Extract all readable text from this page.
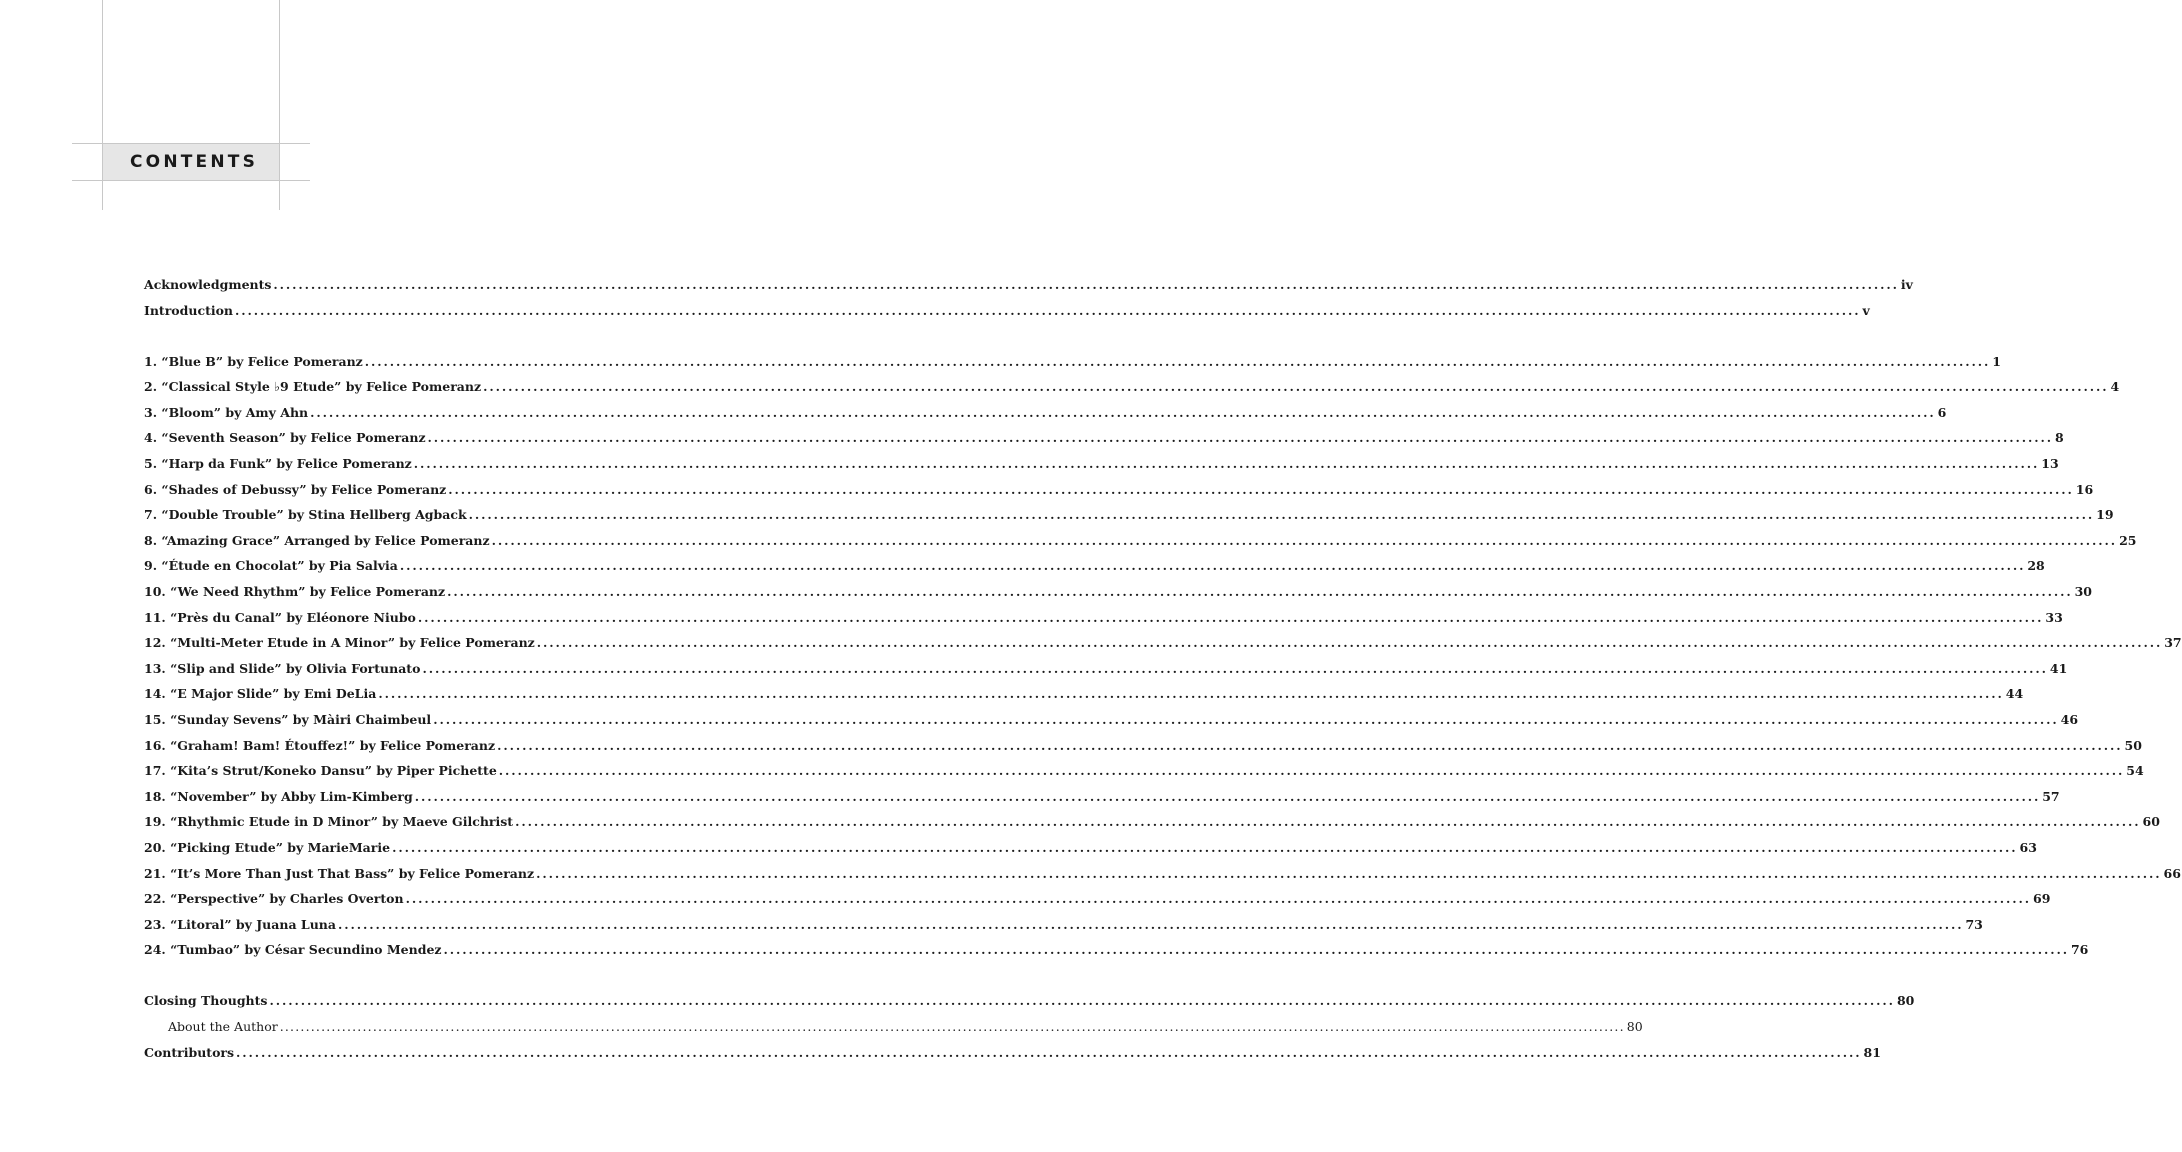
CONTENTS
Acknowledgments .................................................................................................................................................................................................................................................................... iv
Introduction .................................................................................................................................................................................................................................................................... v
1. “Blue B” by Felice Pomeranz .................................................................................................................................................................................................................................................................... 1
2. “Classical Style ♭9 Etude” by Felice Pomeranz .................................................................................................................................................................................................................................................................... 4
3. “Bloom” by Amy Ahn .................................................................................................................................................................................................................................................................... 6
4. “Seventh Season” by Felice Pomeranz .................................................................................................................................................................................................................................................................... 8
5. “Harp da Funk” by Felice Pomeranz .................................................................................................................................................................................................................................................................... 13
6. “Shades of Debussy” by Felice Pomeranz .................................................................................................................................................................................................................................................................... 16
7. “Double Trouble” by Stina Hellberg Agback .................................................................................................................................................................................................................................................................... 19
8. “Amazing Grace” Arranged by Felice Pomeranz .................................................................................................................................................................................................................................................................... 25
9. “Étude en Chocolat” by Pia Salvia .................................................................................................................................................................................................................................................................... 28
10. “We Need Rhythm” by Felice Pomeranz .................................................................................................................................................................................................................................................................... 30
11. “Près du Canal” by Eléonore Niubo .................................................................................................................................................................................................................................................................... 33
12. “Multi-Meter Etude in A Minor” by Felice Pomeranz .................................................................................................................................................................................................................................................................... 37
13. “Slip and Slide” by Olivia Fortunato .................................................................................................................................................................................................................................................................... 41
14. “E Major Slide” by Emi DeLia .................................................................................................................................................................................................................................................................... 44
15. “Sunday Sevens” by Màiri Chaimbeul .................................................................................................................................................................................................................................................................... 46
16. “Graham! Bam! Étouffez!” by Felice Pomeranz .................................................................................................................................................................................................................................................................... 50
17. “Kita’s Strut/Koneko Dansu” by Piper Pichette .................................................................................................................................................................................................................................................................... 54
18. “November” by Abby Lim-Kimberg .................................................................................................................................................................................................................................................................... 57
19. “Rhythmic Etude in D Minor” by Maeve Gilchrist .................................................................................................................................................................................................................................................................... 60
20. “Picking Etude” by MarieMarie .................................................................................................................................................................................................................................................................... 63
21. “It’s More Than Just That Bass” by Felice Pomeranz .................................................................................................................................................................................................................................................................... 66
22. “Perspective” by Charles Overton .................................................................................................................................................................................................................................................................... 69
23. “Litoral” by Juana Luna .................................................................................................................................................................................................................................................................... 73
24. “Tumbao” by César Secundino Mendez .................................................................................................................................................................................................................................................................... 76
Closing Thoughts .................................................................................................................................................................................................................................................................... 80
About the Author .................................................................................................................................................................................................................................................................... 80
Contributors .................................................................................................................................................................................................................................................................... 81
